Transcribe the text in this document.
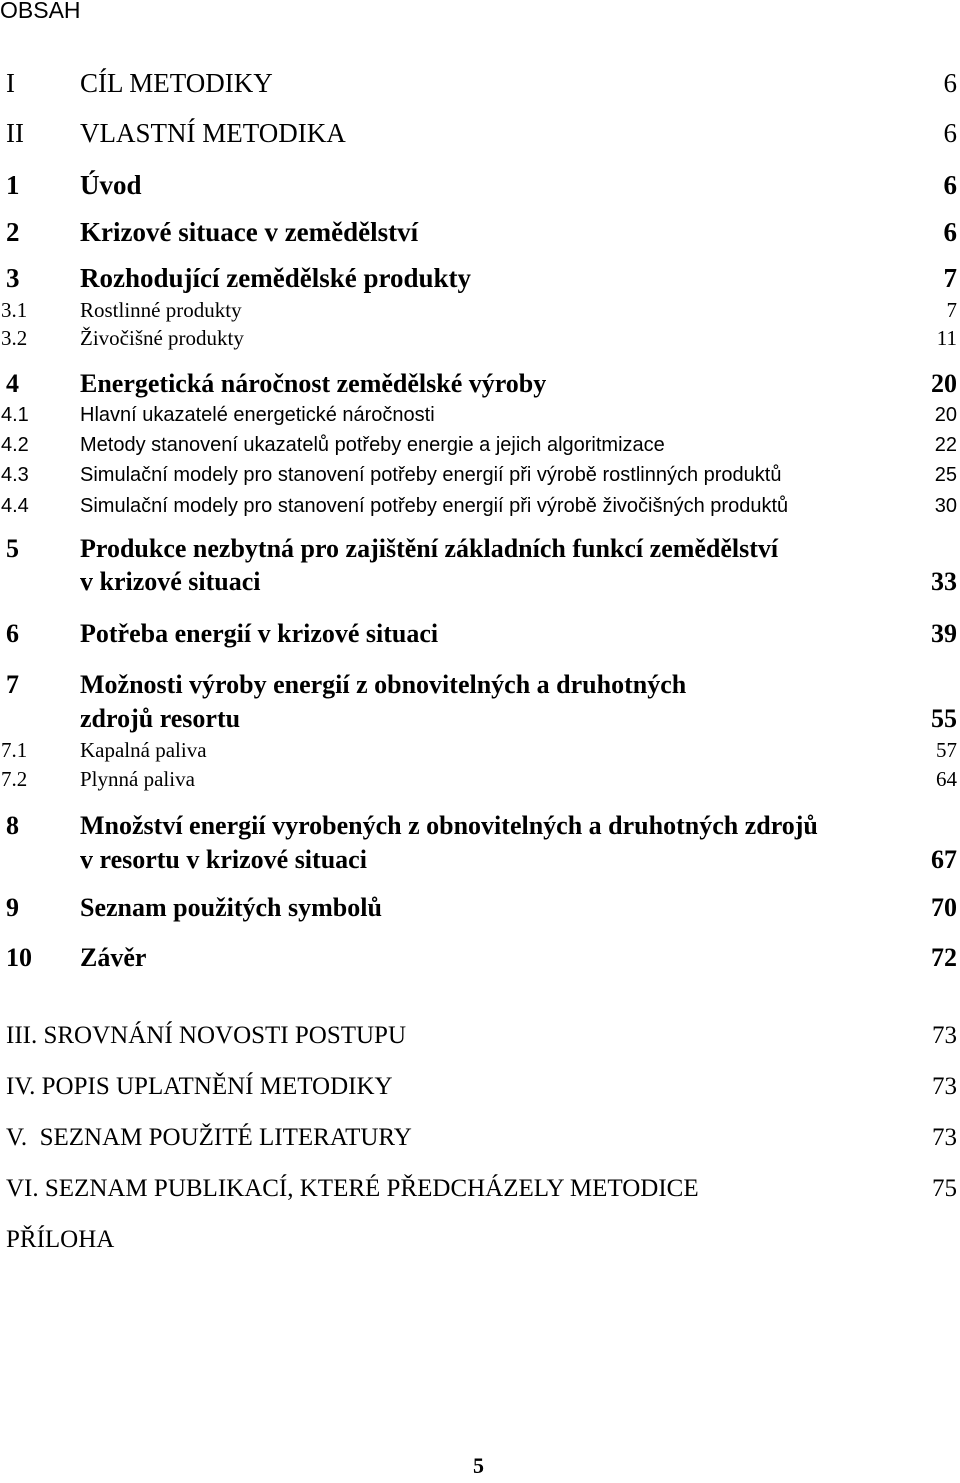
OBSAH
I CÍL METODIKY	6
II VLASTNÍ METODIKA	6
1 Úvod	6
2 Krizové situace v zemědělství	6
3 Rozhodující zemědělské produkty	7
3.1	Rostlinné produkty	7
3.2	Živočišné produkty	11
4 Energetická náročnost zemědělské výroby	20
4.1	Hlavní ukazatelé energetické náročnosti	20
4.2	Metody stanovení ukazatelů potřeby energie a jejich algoritmizace	22
4.3	Simulační modely pro stanovení potřeby energií při výrobě rostlinných produktů	25
4.4	Simulační modely pro stanovení potřeby energií při výrobě živočišných produktů	30
5 Produkce nezbytná pro zajištění základních funkcí zemědělství
v krizové situaci	33
6 Potřeba energií v krizové situaci	39
7 Možnosti výroby energií z obnovitelných a druhotných
zdrojů resortu	55
7.1	Kapalná paliva	57
7.2	Plynná paliva	64
8 Množství energií vyrobených z obnovitelných a druhotných zdrojů
v resortu v krizové situaci	67
9 Seznam použitých symbolů	70
10 Závěr	72
III. SROVNÁNÍ NOVOSTI POSTUPU	73
IV. POPIS UPLATNĚNÍ METODIKY	73
V.  SEZNAM POUŽITÉ LITERATURY	73
VI. SEZNAM PUBLIKACÍ, KTERÉ PŘEDCHÁZELY METODICE	75
PŘÍLOHA
5
